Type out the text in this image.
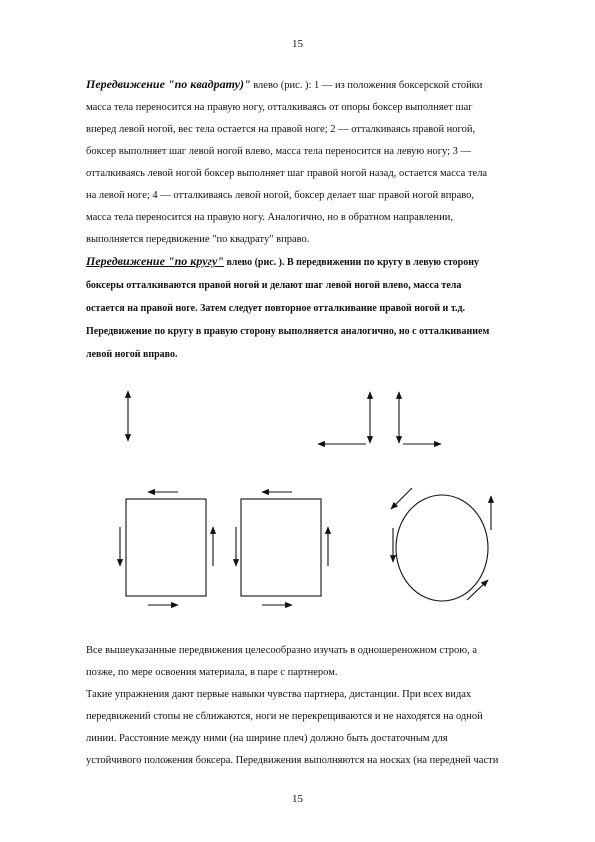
15
Передвижение "по квадрату)" влево (рис. ): 1 — из положения боксерской стойки
масса тела переносится на правую ногу, отталкиваясь от опоры боксер выполняет шаг
вперед левой ногой, вес тела остается на правой ноге; 2 — отталкиваясь правой ногой,
боксер выполняет шаг левой ногой влево, масса тела переносится на левую ногу; 3 —
отталкиваясь левой ногой боксер выполняет шаг правой ногой назад, остается масса тела
на левой ноге; 4 — отталкиваясь левой ногой, боксер делает шаг правой ногой вправо,
масса тела переносится на правую ногу. Аналогично, но в обратном направлении,
выполняется передвижение "по квадрату" вправо.
Передвижение "по кругу" влево (рис. ). В передвижении по кругу в левую сторону
боксеры отталкиваются правой ногой и делают шаг левой ногой влево, масса тела
остается на правой ноге. Затем следует повторное отталкивание правой ногой и т.д.
Передвижение по кругу в правую сторону выполняется аналогично, но с отталкиванием
левой ногой вправо.
Все вышеуказанные передвижения целесообразно изучать в одношереножном строю, а
позже, по мере освоения материала, в паре с партнером.
Такие упражнения дают первые навыки чувства партнера, дистанции. При всех видах
передвижений стопы не сближаются, ноги не перекрещиваются и не находятся на одной
линии. Расстояние между ними (на ширине плеч) должно быть достаточным для
устойчивого положения боксера. Передвижения выполняются на носках (на передней части
15
